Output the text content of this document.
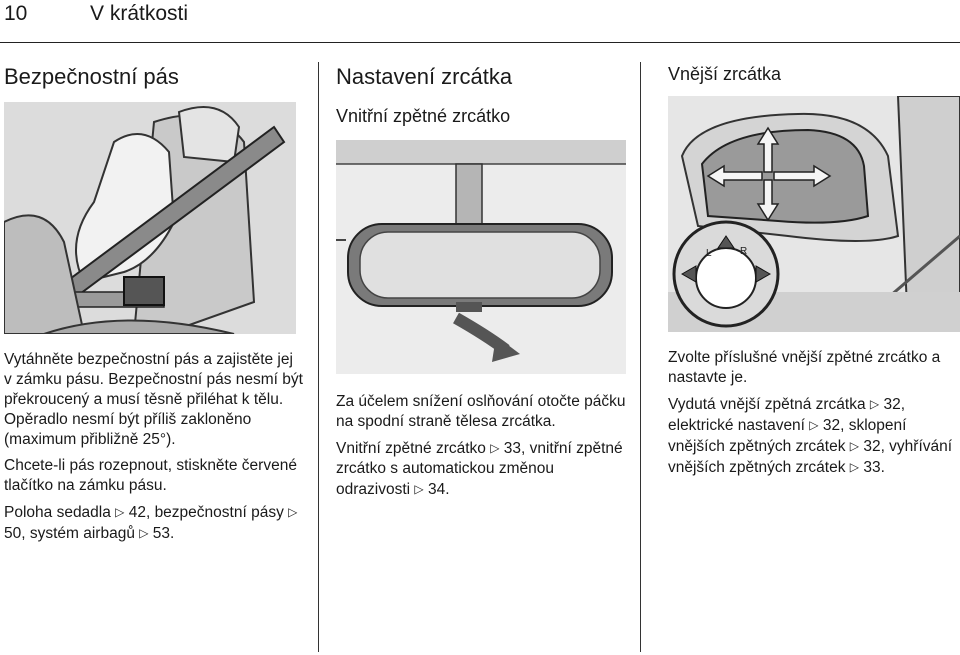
10	V krátkosti
Bezpečnostní pás

Vytáhněte bezpečnostní pás a zajistěte jej v zámku pásu. Bezpečnostní pás nesmí být překroucený a musí těsně přiléhat k tělu. Opěradlo nesmí být příliš zakloněno (maximum přibližně 25°).

Chcete-li pás rozepnout, stiskněte červené tlačítko na zámku pásu.

Poloha sedadla ▷ 42, bezpečnostní pásy ▷ 50, systém airbagů ▷ 53.

Nastavení zrcátka
Vnitřní zpětné zrcátko

Za účelem snížení oslňování otočte páčku na spodní straně tělesa zrcátka.

Vnitřní zpětné zrcátko ▷ 33, vnitřní zpětné zrcátko s automatickou změnou odrazivosti ▷ 34.

Vnější zrcátka
L	R

Zvolte příslušné vnější zpětné zrcátko a nastavte je.

Vydutá vnější zpětná zrcátka ▷ 32, elektrické nastavení ▷ 32, sklopení vnějších zpětných zrcátek ▷ 32, vyhřívání vnějších zpětných zrcátek ▷ 33.
